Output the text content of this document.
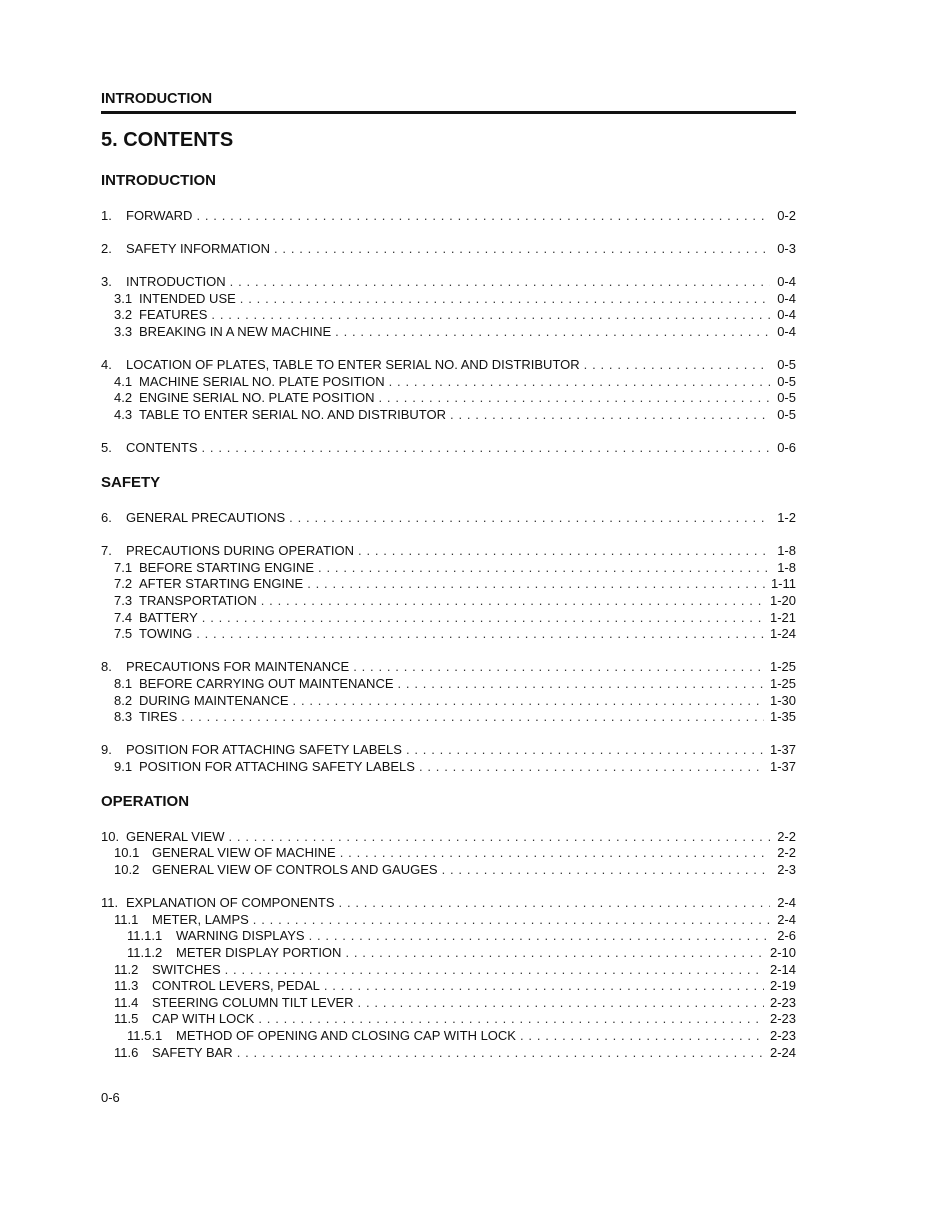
INTRODUCTION
5. CONTENTS
INTRODUCTION
1.	FORWARD . . .	0-2
2.	SAFETY INFORMATION . . .	0-3
3.	INTRODUCTION . . .	0-4
3.1 INTENDED USE . . .	0-4
3.2 FEATURES . . .	0-4
3.3 BREAKING IN A NEW MACHINE . . .	0-4
4.	LOCATION OF PLATES, TABLE TO ENTER SERIAL NO. AND DISTRIBUTOR . . .	0-5
4.1 MACHINE SERIAL NO. PLATE POSITION . . .	0-5
4.2 ENGINE SERIAL NO. PLATE POSITION . . .	0-5
4.3 TABLE TO ENTER SERIAL NO. AND DISTRIBUTOR . . .	0-5
5.	CONTENTS . . .	0-6
SAFETY
6.	GENERAL PRECAUTIONS . . .	1-2
7.	PRECAUTIONS DURING OPERATION . . .	1-8
7.1 BEFORE STARTING ENGINE . . .	1-8
7.2 AFTER STARTING ENGINE . . .	1-11
7.3 TRANSPORTATION . . .	1-20
7.4 BATTERY . . .	1-21
7.5 TOWING . . .	1-24
8.	PRECAUTIONS FOR MAINTENANCE . . .	1-25
8.1 BEFORE CARRYING OUT MAINTENANCE . . .	1-25
8.2 DURING MAINTENANCE . . .	1-30
8.3 TIRES . . .	1-35
9.	POSITION FOR ATTACHING SAFETY LABELS . . .	1-37
9.1 POSITION FOR ATTACHING SAFETY LABELS . . .	1-37
OPERATION
10. GENERAL VIEW . . .	2-2
10.1 GENERAL VIEW OF MACHINE . . .	2-2
10.2 GENERAL VIEW OF CONTROLS AND GAUGES . . .	2-3
11. EXPLANATION OF COMPONENTS . . .	2-4
11.1	METER, LAMPS . . .	2-4
11.1.1	WARNING DISPLAYS . . .	2-6
11.1.2	METER DISPLAY PORTION . . .	2-10
11.2	SWITCHES . . .	2-14
11.3	CONTROL LEVERS, PEDAL . . .	2-19
11.4	STEERING COLUMN TILT LEVER . . .	2-23
11.5	CAP WITH LOCK . . .	2-23
11.5.1	METHOD OF OPENING AND CLOSING CAP WITH LOCK . . .	2-23
11.6	SAFETY BAR . . .	2-24
0-6
